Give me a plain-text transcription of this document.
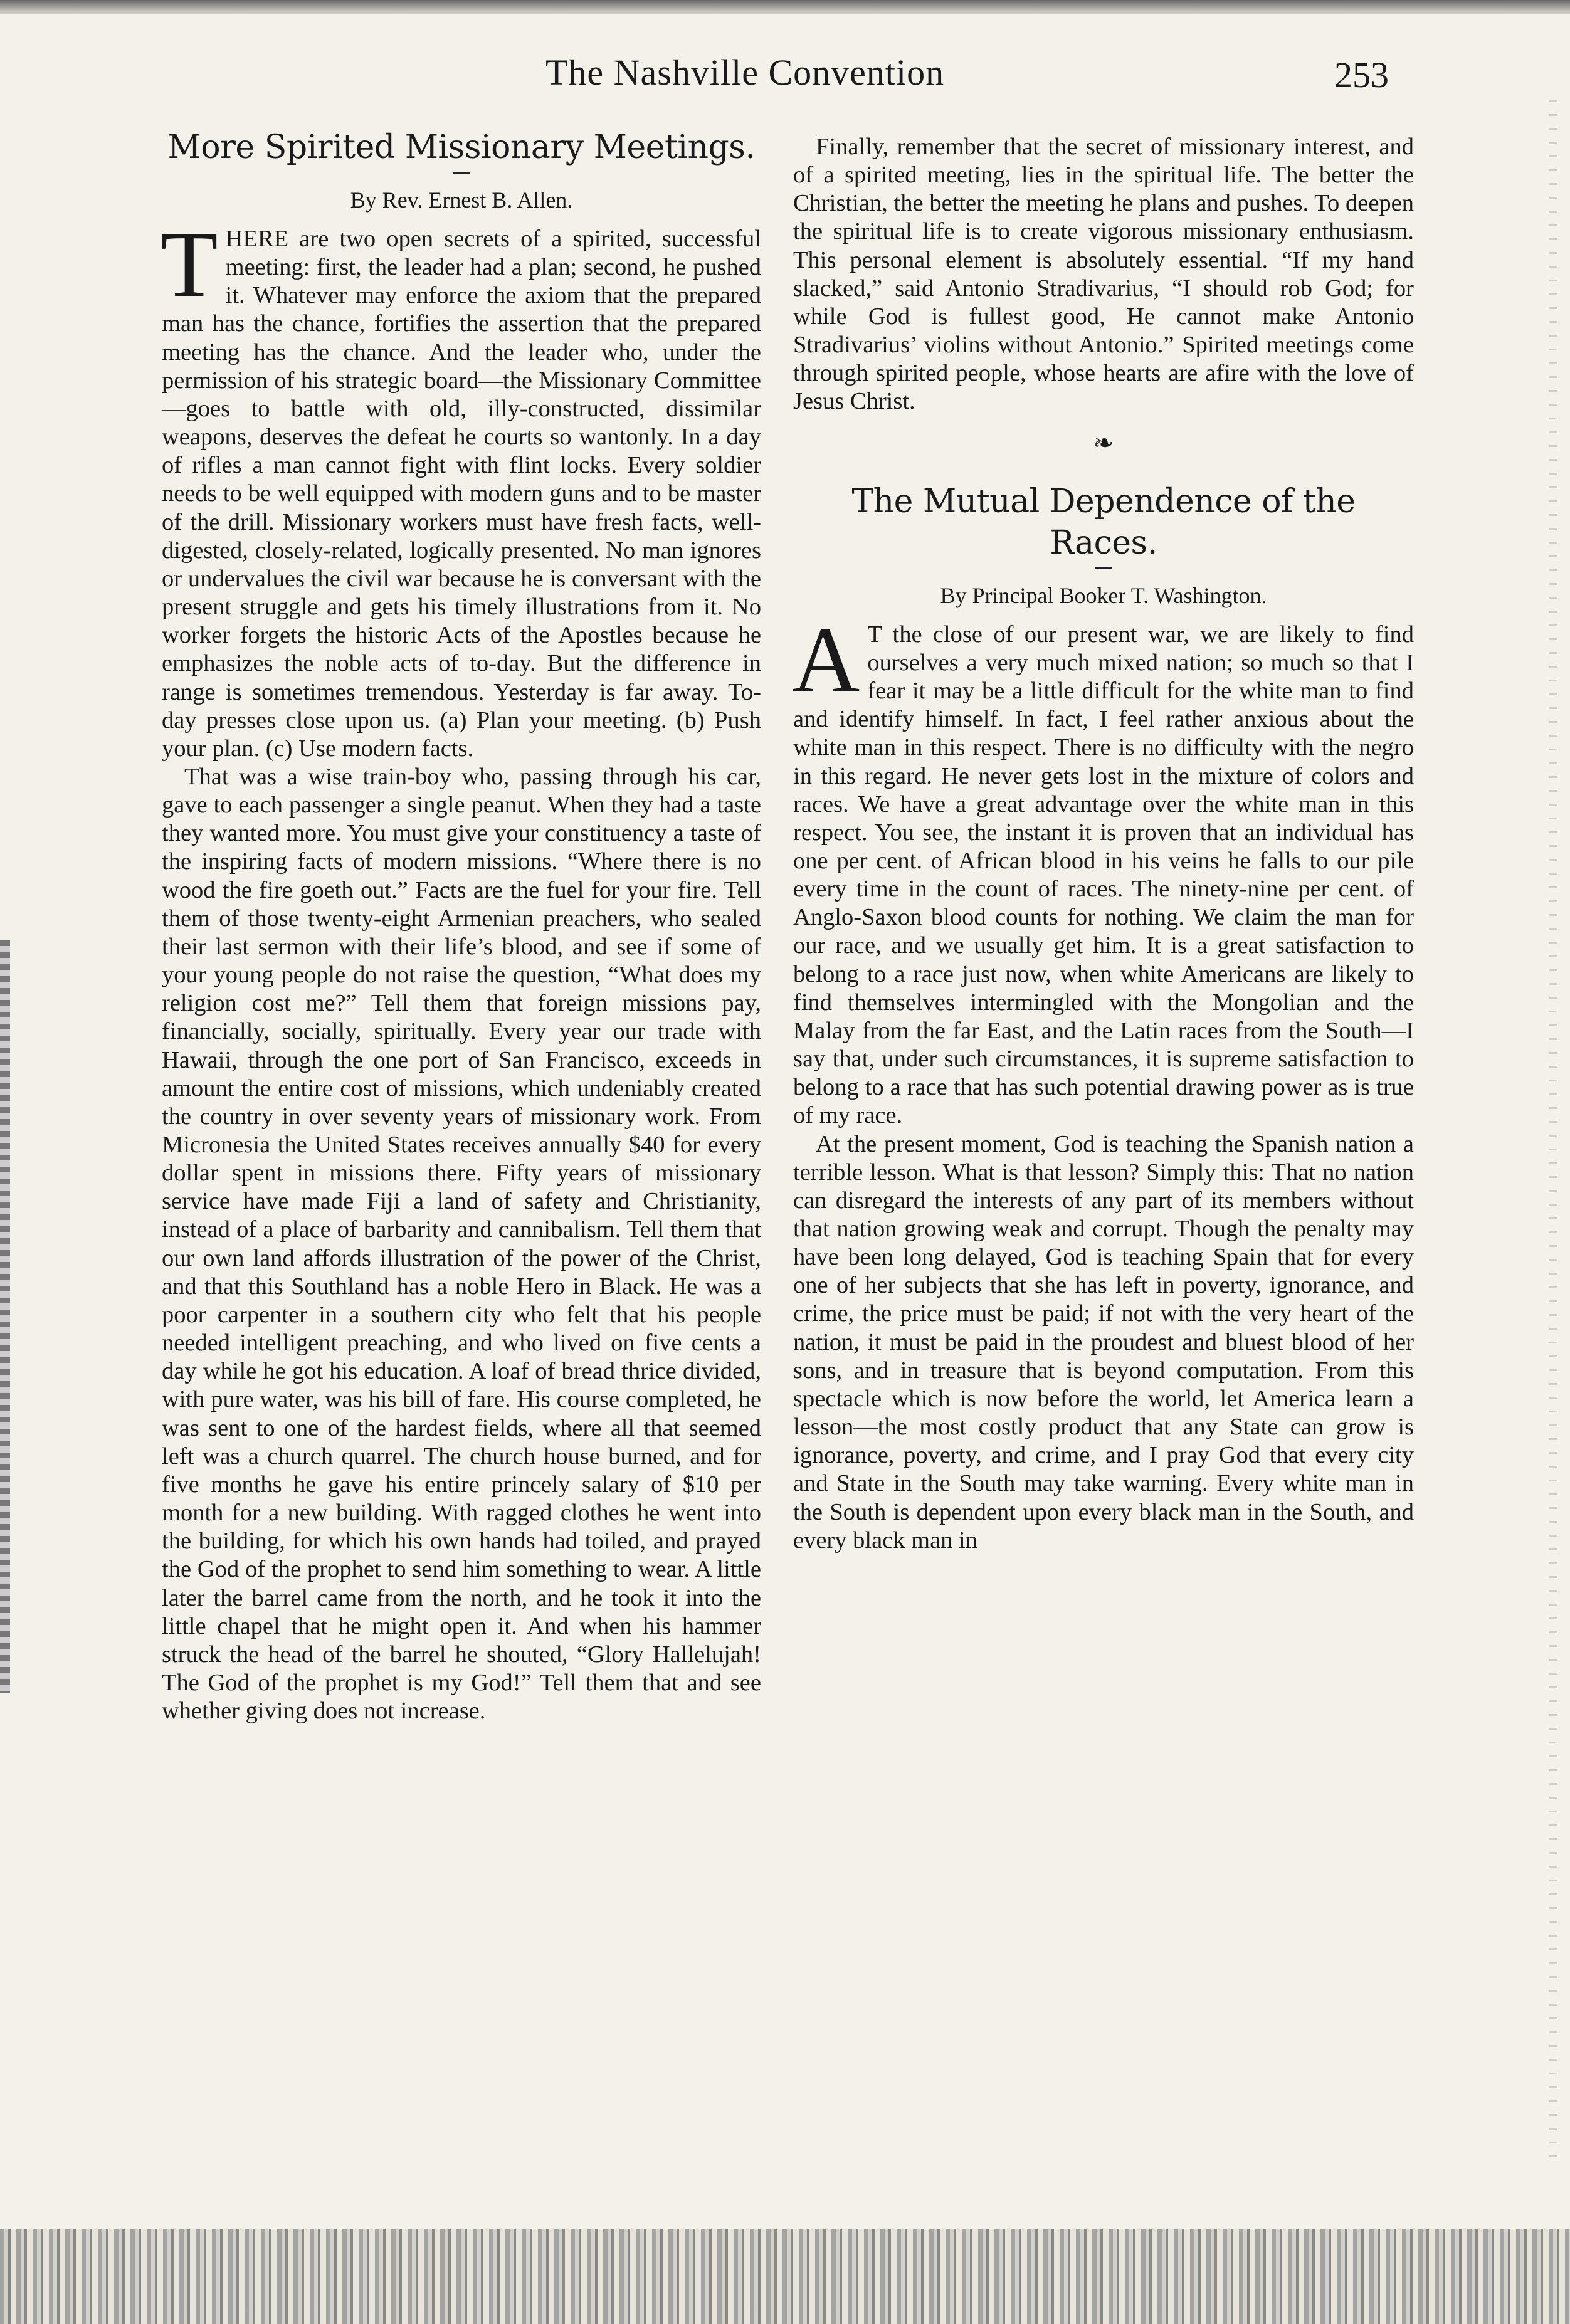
The Nashville Convention	253
More Spirited Missionary Meetings.

By Rev. Ernest B. Allen.

THERE are two open secrets of a spirited, successful meeting: first, the leader had a plan; second, he pushed it. Whatever may enforce the axiom that the prepared man has the chance, fortifies the assertion that the prepared meeting has the chance. And the leader who, under the permission of his strategic board—the Missionary Committee—goes to battle with old, illy-constructed, dissimilar weapons, deserves the defeat he courts so wantonly. In a day of rifles a man cannot fight with flint locks. Every soldier needs to be well equipped with modern guns and to be master of the drill. Missionary workers must have fresh facts, well-digested, closely-related, logically presented. No man ignores or undervalues the civil war because he is conversant with the present struggle and gets his timely illustrations from it. No worker forgets the historic Acts of the Apostles because he emphasizes the noble acts of to-day. But the difference in range is sometimes tremendous. Yesterday is far away. To-day presses close upon us. (a) Plan your meeting. (b) Push your plan. (c) Use modern facts.

That was a wise train-boy who, passing through his car, gave to each passenger a single peanut. When they had a taste they wanted more. You must give your constituency a taste of the inspiring facts of modern missions. “Where there is no wood the fire goeth out.” Facts are the fuel for your fire. Tell them of those twenty-eight Armenian preachers, who sealed their last sermon with their life’s blood, and see if some of your young people do not raise the question, “What does my religion cost me?” Tell them that foreign missions pay, financially, socially, spiritually. Every year our trade with Hawaii, through the one port of San Francisco, exceeds in amount the entire cost of missions, which undeniably created the country in over seventy years of missionary work. From Micronesia the United States receives annually $40 for every dollar spent in missions there. Fifty years of missionary service have made Fiji a land of safety and Christianity, instead of a place of barbarity and cannibalism. Tell them that our own land affords illustration of the power of the Christ, and that this Southland has a noble Hero in Black. He was a poor carpenter in a southern city who felt that his people needed intelligent preaching, and who lived on five cents a day while he got his education. A loaf of bread thrice divided, with pure water, was his bill of fare. His course completed, he was sent to one of the hardest fields, where all that seemed left was a church quarrel. The church house burned, and for five months he gave his entire princely salary of $10 per month for a new building. With ragged clothes he went into the building, for which his own hands had toiled, and prayed the God of the prophet to send him something to wear. A little later the barrel came from the north, and he took it into the little chapel that he might open it. And when his hammer struck the head of the barrel he shouted, “Glory Hallelujah! The God of the prophet is my God!” Tell them that and see whether giving does not increase.

Finally, remember that the secret of missionary interest, and of a spirited meeting, lies in the spiritual life. The better the Christian, the better the meeting he plans and pushes. To deepen the spiritual life is to create vigorous missionary enthusiasm. This personal element is absolutely essential. “If my hand slacked,” said Antonio Stradivarius, “I should rob God; for while God is fullest good, He cannot make Antonio Stradivarius’ violins without Antonio.” Spirited meetings come through spirited people, whose hearts are afire with the love of Jesus Christ.

❧
The Mutual Dependence of the Races.

By Principal Booker T. Washington.

AT the close of our present war, we are likely to find ourselves a very much mixed nation; so much so that I fear it may be a little difficult for the white man to find and identify himself. In fact, I feel rather anxious about the white man in this respect. There is no difficulty with the negro in this regard. He never gets lost in the mixture of colors and races. We have a great advantage over the white man in this respect. You see, the instant it is proven that an individual has one per cent. of African blood in his veins he falls to our pile every time in the count of races. The ninety-nine per cent. of Anglo-Saxon blood counts for nothing. We claim the man for our race, and we usually get him. It is a great satisfaction to belong to a race just now, when white Americans are likely to find themselves intermingled with the Mongolian and the Malay from the far East, and the Latin races from the South—I say that, under such circumstances, it is supreme satisfaction to belong to a race that has such potential drawing power as is true of my race.

At the present moment, God is teaching the Spanish nation a terrible lesson. What is that lesson? Simply this: That no nation can disregard the interests of any part of its members without that nation growing weak and corrupt. Though the penalty may have been long delayed, God is teaching Spain that for every one of her subjects that she has left in poverty, ignorance, and crime, the price must be paid; if not with the very heart of the nation, it must be paid in the proudest and bluest blood of her sons, and in treasure that is beyond computation. From this spectacle which is now before the world, let America learn a lesson—the most costly product that any State can grow is ignorance, poverty, and crime, and I pray God that every city and State in the South may take warning. Every white man in the South is dependent upon every black man in the South, and every black man in
